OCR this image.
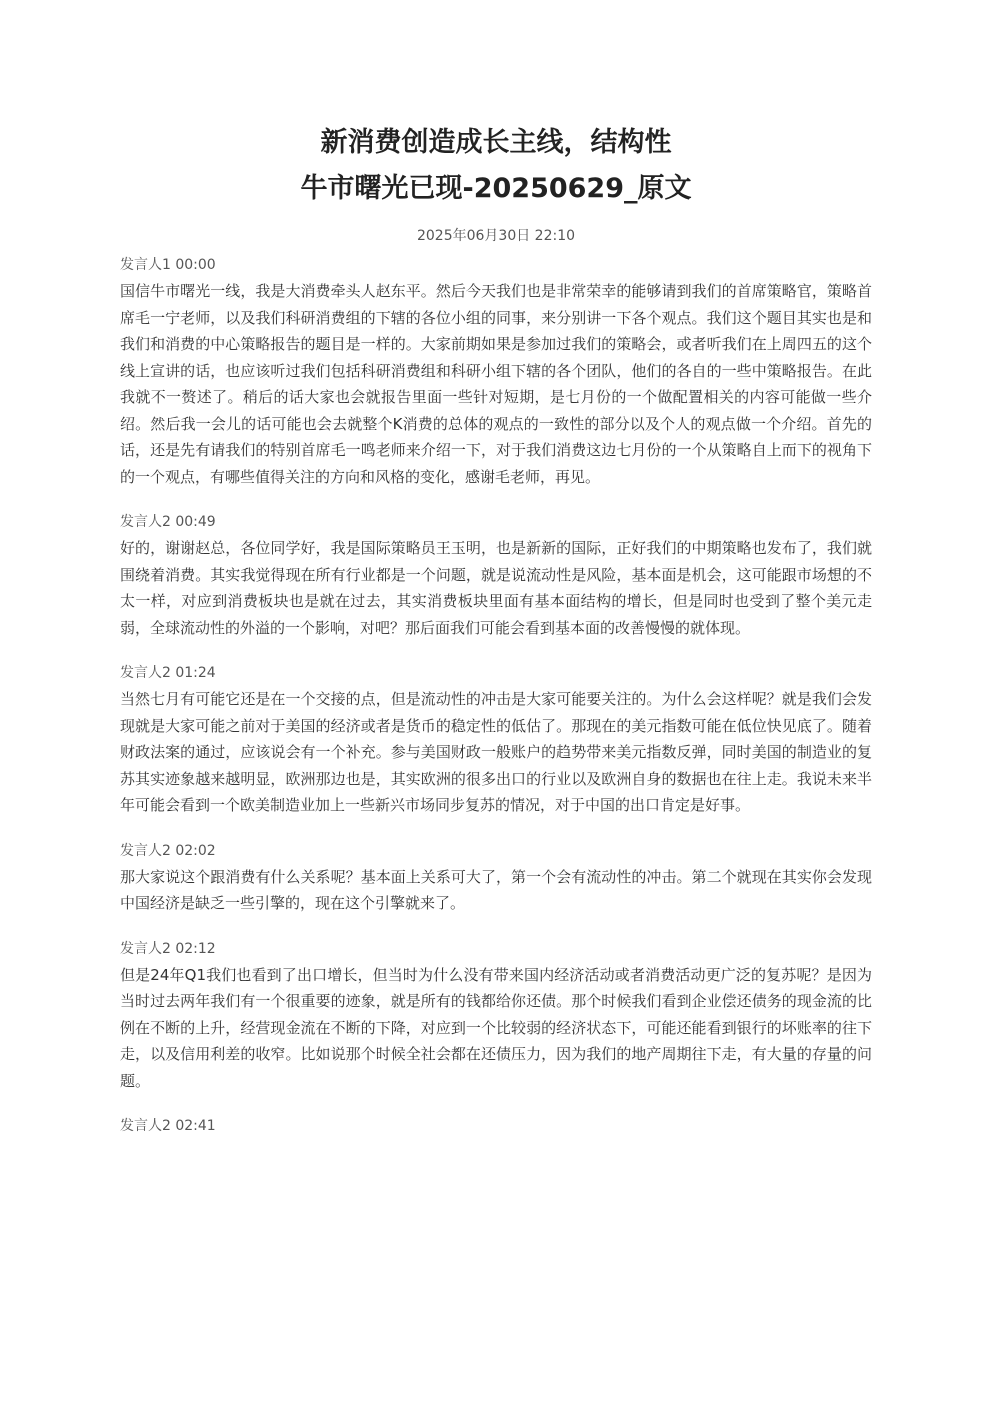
新消费创造成长主线，结构性
牛市曙光已现-20250629_原文
2025年06月30日 22:10
发言人1 00:00
国信牛市曙光一线，我是大消费牵头人赵东平。然后今天我们也是非常荣幸的能够请到我们的首席策略官，策略首席毛一宁老师，以及我们科研消费组的下辖的各位小组的同事，来分别讲一下各个观点。我们这个题目其实也是和我们和消费的中心策略报告的题目是一样的。大家前期如果是参加过我们的策略会，或者听我们在上周四五的这个线上宣讲的话，也应该听过我们包括科研消费组和科研小组下辖的各个团队，他们的各自的一些中策略报告。在此我就不一赘述了。稍后的话大家也会就报告里面一些针对短期，是七月份的一个做配置相关的内容可能做一些介绍。然后我一会儿的话可能也会去就整个K消费的总体的观点的一致性的部分以及个人的观点做一个介绍。首先的话，还是先有请我们的特别首席毛一鸣老师来介绍一下，对于我们消费这边七月份的一个从策略自上而下的视角下的一个观点，有哪些值得关注的方向和风格的变化，感谢毛老师，再见。
发言人2 00:49
好的，谢谢赵总，各位同学好，我是国际策略员王玉明，也是新新的国际，正好我们的中期策略也发布了，我们就围绕着消费。其实我觉得现在所有行业都是一个问题，就是说流动性是风险，基本面是机会，这可能跟市场想的不太一样，对应到消费板块也是就在过去，其实消费板块里面有基本面结构的增长，但是同时也受到了整个美元走弱，全球流动性的外溢的一个影响，对吧？那后面我们可能会看到基本面的改善慢慢的就体现。
发言人2 01:24
当然七月有可能它还是在一个交接的点，但是流动性的冲击是大家可能要关注的。为什么会这样呢？就是我们会发现就是大家可能之前对于美国的经济或者是货币的稳定性的低估了。那现在的美元指数可能在低位快见底了。随着财政法案的通过，应该说会有一个补充。参与美国财政一般账户的趋势带来美元指数反弹，同时美国的制造业的复苏其实迹象越来越明显，欧洲那边也是，其实欧洲的很多出口的行业以及欧洲自身的数据也在往上走。我说未来半年可能会看到一个欧美制造业加上一些新兴市场同步复苏的情况，对于中国的出口肯定是好事。
发言人2 02:02
那大家说这个跟消费有什么关系呢？基本面上关系可大了，第一个会有流动性的冲击。第二个就现在其实你会发现中国经济是缺乏一些引擎的，现在这个引擎就来了。
发言人2 02:12
但是24年Q1我们也看到了出口增长，但当时为什么没有带来国内经济活动或者消费活动更广泛的复苏呢？是因为当时过去两年我们有一个很重要的迹象，就是所有的钱都给你还债。那个时候我们看到企业偿还债务的现金流的比例在不断的上升，经营现金流在不断的下降，对应到一个比较弱的经济状态下，可能还能看到银行的坏账率的往下走，以及信用利差的收窄。比如说那个时候全社会都在还债压力，因为我们的地产周期往下走，有大量的存量的问题。
发言人2 02:41
